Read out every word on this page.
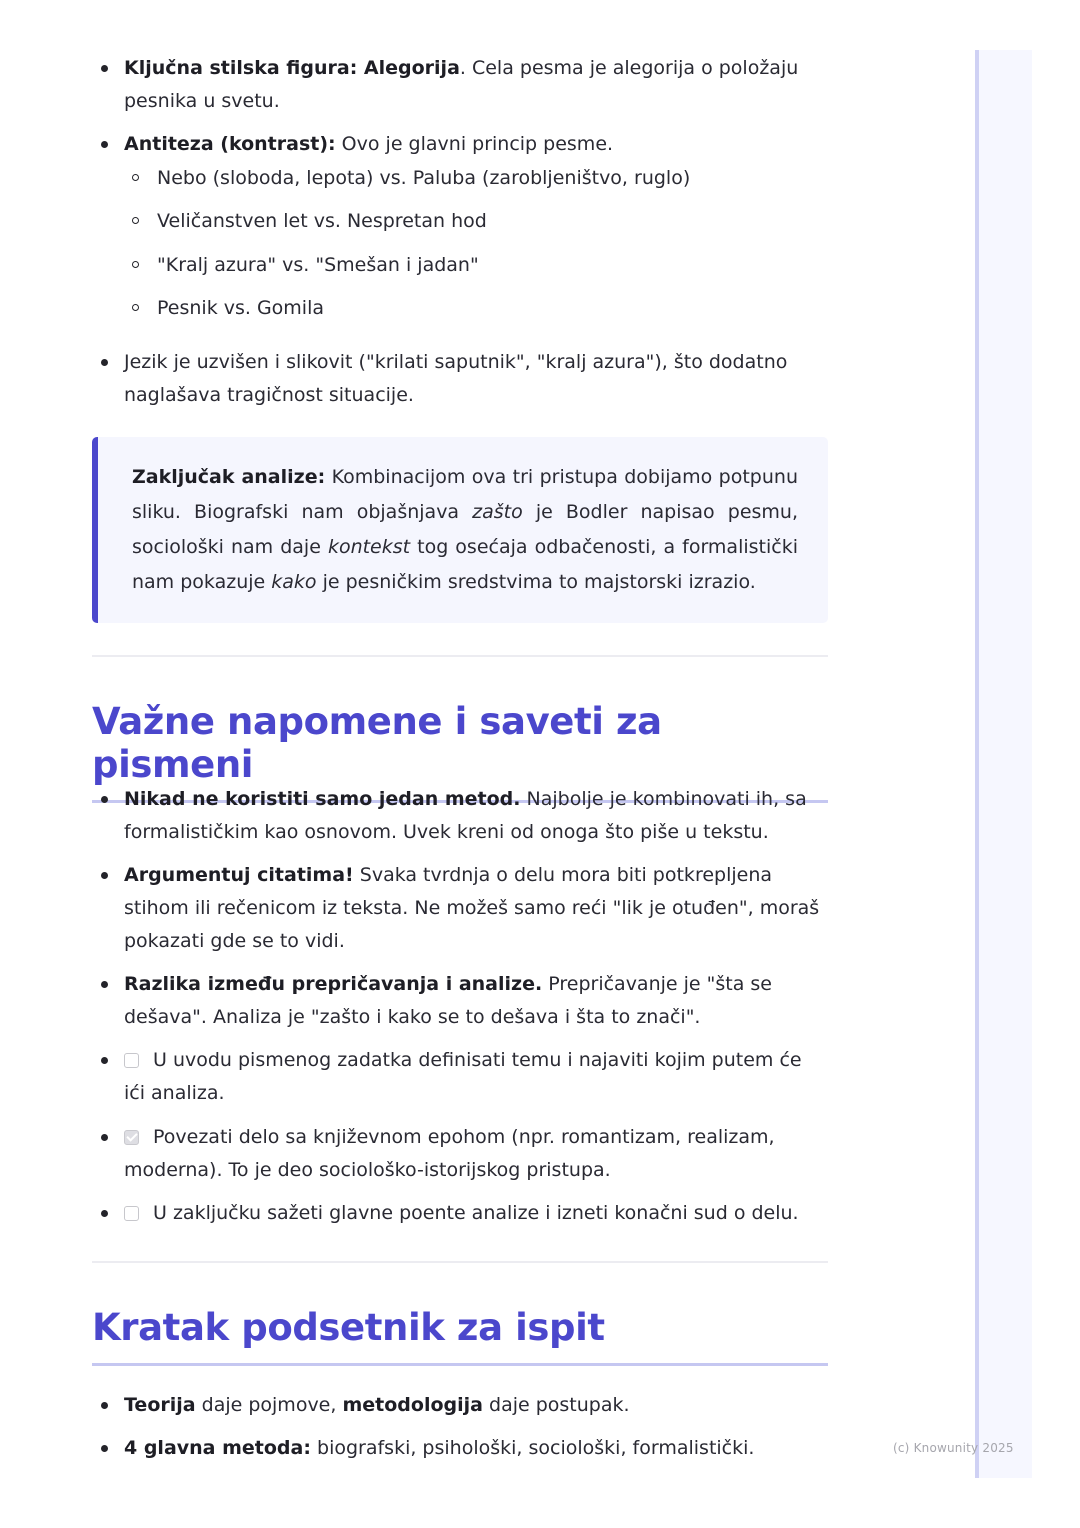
Ključna stilska figura: Alegorija. Cela pesma je alegorija o položaju pesnika u svetu.
Antiteza (kontrast): Ovo je glavni princip pesme.
Nebo (sloboda, lepota) vs. Paluba (zarobljeništvo, ruglo)
Veličanstven let vs. Nespretan hod
"Kralj azura" vs. "Smešan i jadan"
Pesnik vs. Gomila
Jezik je uzvišen i slikovit ("krilati saputnik", "kralj azura"), što dodatno naglašava tragičnost situacije.

Zaključak analize: Kombinacijom ova tri pristupa dobijamo potpunu sliku. Biografski nam objašnjava zašto je Bodler napisao pesmu, sociološki nam daje kontekst tog osećaja odbačenosti, a formalistički nam pokazuje kako je pesničkim sredstvima to majstorski izrazio.

Važne napomene i saveti za pismeni
Nikad ne koristiti samo jedan metod. Najbolje je kombinovati ih, sa formalističkim kao osnovom. Uvek kreni od onoga što piše u tekstu.
Argumentuj citatima! Svaka tvrdnja o delu mora biti potkrepljena stihom ili rečenicom iz teksta. Ne možeš samo reći "lik je otuđen", moraš pokazati gde se to vidi.
Razlika između prepričavanja i analize. Prepričavanje je "šta se dešava". Analiza je "zašto i kako se to dešava i šta to znači".
U uvodu pismenog zadatka definisati temu i najaviti kojim putem će ići analiza.
Povezati delo sa književnom epohom (npr. romantizam, realizam, moderna). To je deo sociološko-istorijskog pristupa.
U zaključku sažeti glavne poente analize i izneti konačni sud o delu.
Kratak podsetnik za ispit
Teorija daje pojmove, metodologija daje postupak.
4 glavna metoda: biografski, psihološki, sociološki, formalistički.	(c) Knowunity 2025
